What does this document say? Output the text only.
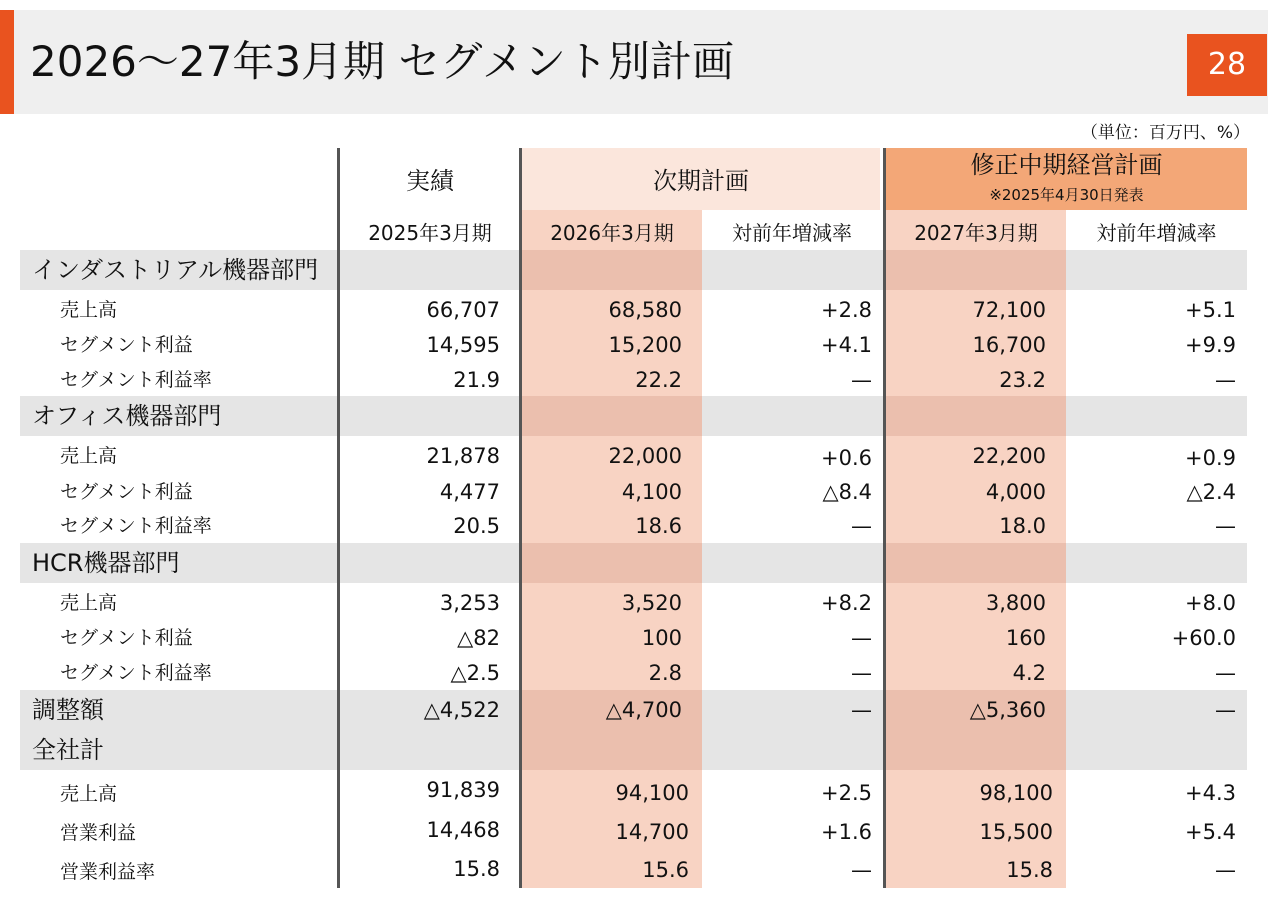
2026～27年3月期 セグメント別計画	28
（単位：百万円、%）
実績	次期計画
修正中期経営計画
※2025年4月30日発表
2025年3月期	2026年3月期	対前年増減率	2027年3月期	対前年増減率
インダストリアル機器部門
売上高	66,707	68,580	+2.8	72,100	+5.1
セグメント利益	14,595	15,200	+4.1	16,700	+9.9
セグメント利益率	21.9	22.2	—	23.2	—
オフィス機器部門
売上高	21,878	22,000	+0.6	22,200	+0.9
セグメント利益	4,477	4,100	△8.4	4,000	△2.4
セグメント利益率	20.5	18.6	—	18.0	—
HCR機器部門
売上高	3,253	3,520	+8.2	3,800	+8.0
セグメント利益	△82	100	—	160	+60.0
セグメント利益率	△2.5	2.8	—	4.2	—
調整額	△4,522	△4,700	—	△5,360	—
全社計
売上高	91,839	94,100	+2.5	98,100	+4.3
営業利益	14,468	14,700	+1.6	15,500	+5.4
営業利益率	15.8	15.6	—	15.8	—
